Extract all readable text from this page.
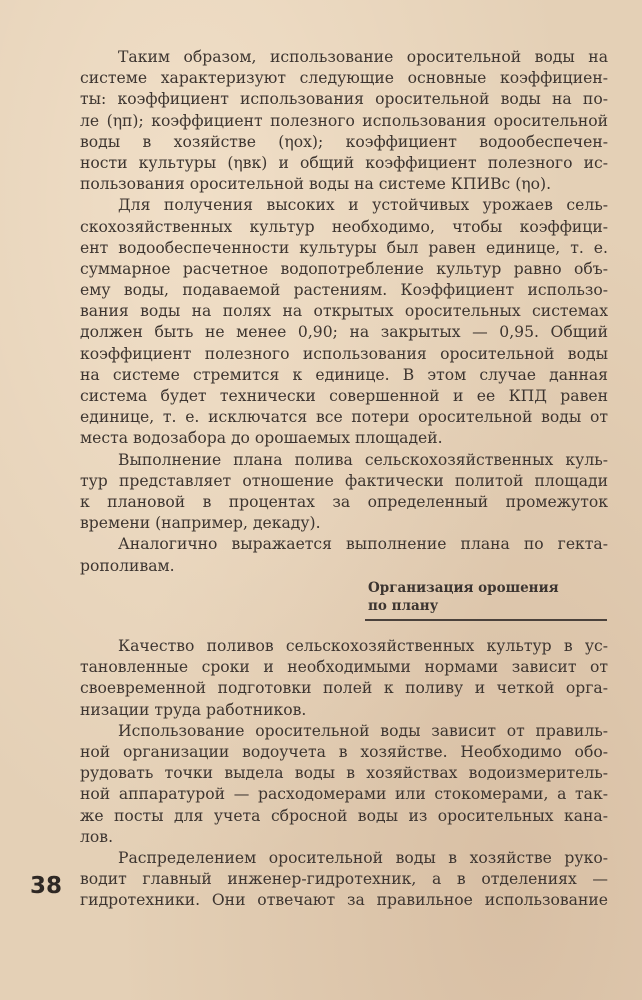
Таким образом, использование оросительной воды на
системе характеризуют следующие основные коэффициен-
ты: коэффициент использования оросительной воды на по-
ле (ηп); коэффициент полезного использования оросительной
воды в хозяйстве (ηох); коэффициент водообеспечен-
ности культуры (ηвк) и общий коэффициент полезного ис-
пользования оросительной воды на системе КПИВс (ηо).
Для получения высоких и устойчивых урожаев сель-
скохозяйственных культур необходимо, чтобы коэффици-
ент водообеспеченности культуры был равен единице, т. е.
суммарное расчетное водопотребление культур равно объ-
ему воды, подаваемой растениям. Коэффициент использо-
вания воды на полях на открытых оросительных системах
должен быть не менее 0,90; на закрытых — 0,95. Общий
коэффициент полезного использования оросительной воды
на системе стремится к единице. В этом случае данная
система будет технически совершенной и ее КПД равен
единице, т. е. исключатся все потери оросительной воды от
места водозабора до орошаемых площадей.
Выполнение плана полива сельскохозяйственных куль-
тур представляет отношение фактически политой площади
к плановой в процентах за определенный промежуток
времени (например, декаду).
Аналогично выражается выполнение плана по гекта-
рополивам.
Организация орошения
по плану
Качество поливов сельскохозяйственных культур в ус-
тановленные сроки и необходимыми нормами зависит от
своевременной подготовки полей к поливу и четкой орга-
низации труда работников.
Использование оросительной воды зависит от правиль-
ной организации водоучета в хозяйстве. Необходимо обо-
рудовать точки выдела воды в хозяйствах водоизмеритель-
ной аппаратурой — расходомерами или стокомерами, а так-
же посты для учета сбросной воды из оросительных кана-
лов.
Распределением оросительной воды в хозяйстве руко-
водит главный инженер-гидротехник, а в отделениях —
гидротехники. Они отвечают за правильное использование
38
